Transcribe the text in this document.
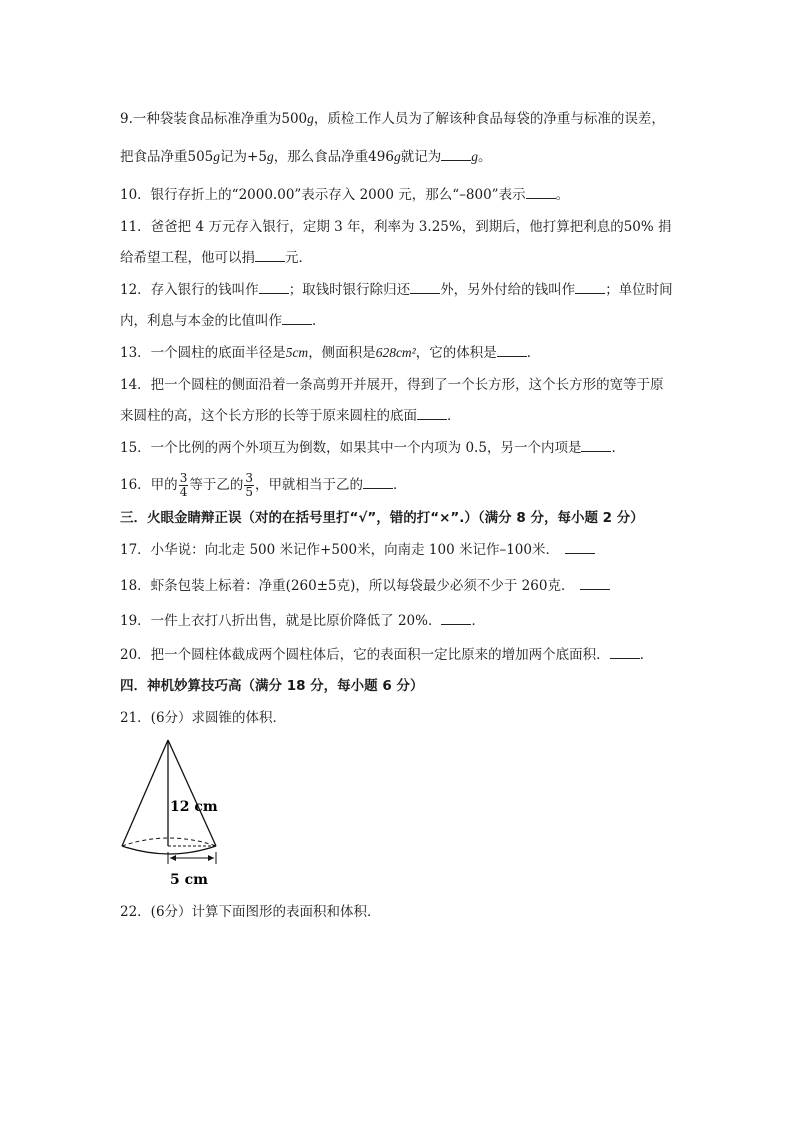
9.一种袋装食品标准净重为500g，质检工作人员为了解该种食品每袋的净重与标准的误差，
把食品净重505g记为+5g，那么食品净重496g就记为 g。
10．银行存折上的“2000.00”表示存入 2000 元，那么“–800”表示 。
11．爸爸把 4 万元存入银行，定期 3 年，利率为 3.25%，到期后，他打算把利息的50% 捐
给希望工程，他可以捐 元．
12．存入银行的钱叫作 ；取钱时银行除归还 外，另外付给的钱叫作 ；单位时间
内，利息与本金的比值叫作 ．
13．一个圆柱的底面半径是5cm，侧面积是628cm²，它的体积是 ．
14．把一个圆柱的侧面沿着一条高剪开并展开，得到了一个长方形，这个长方形的宽等于原
来圆柱的高，这个长方形的长等于原来圆柱的底面 ．
15．一个比例的两个外项互为倒数，如果其中一个内项为 0.5，另一个内项是 ．
16．甲的 $\frac{3}{4}$ 等于乙的 $\frac{3}{5}$ ，甲就相当于乙的 ．
三．火眼金睛辩正误（对的在括号里打“√”，错的打“×”.）（满分 8 分，每小题 2 分）
17．小华说：向北走 500 米记作+500米，向南走 100 米记作–100米．
18．虾条包装上标着：净重(260±5克)，所以每袋最少必须不少于 260克．
19．一件上衣打八折出售，就是比原价降低了 20%． ．
20．把一个圆柱体截成两个圆柱体后，它的表面积一定比原来的增加两个底面积． ．
四．神机妙算技巧高（满分 18 分，每小题 6 分）
21．(6分）求圆锥的体积．
12 cm
5 cm
22．(6分）计算下面图形的表面积和体积．
